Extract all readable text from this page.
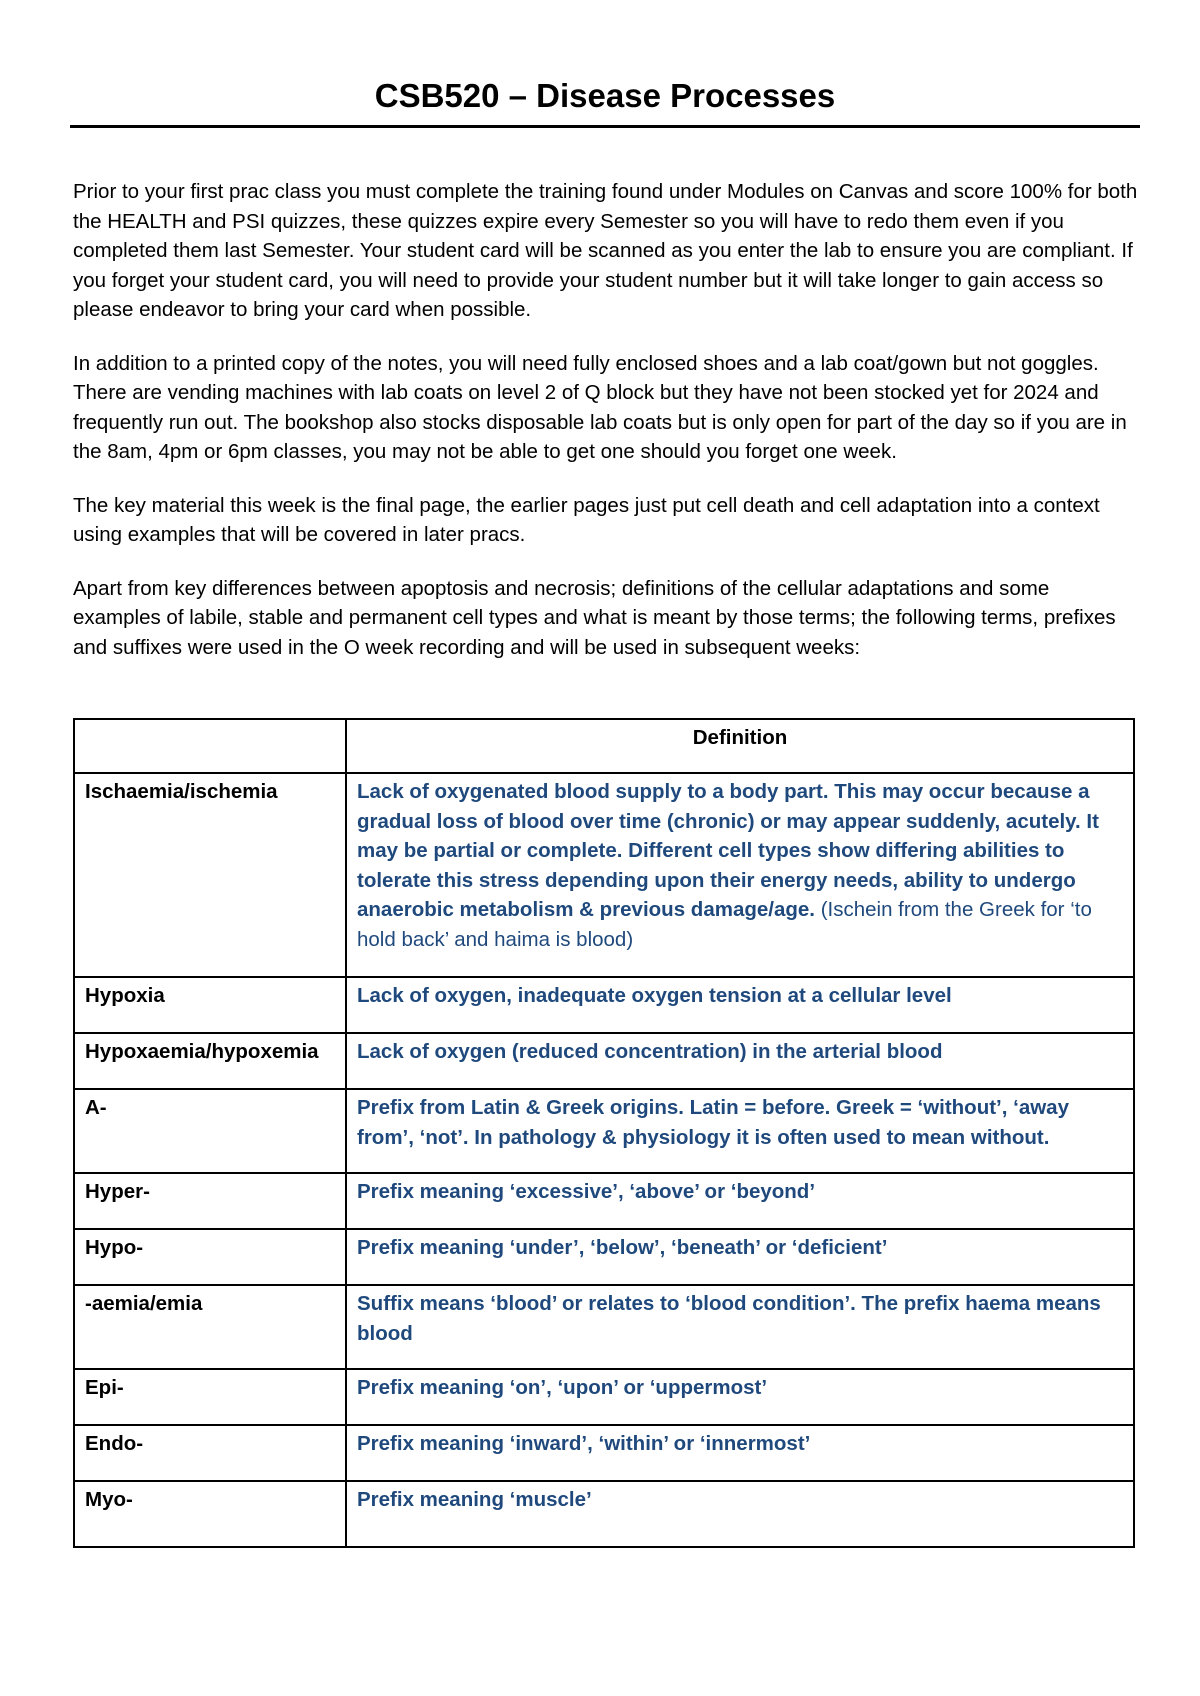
CSB520 – Disease Processes

Prior to your first prac class you must complete the training found under Modules on Canvas and score 100% for both the HEALTH and PSI quizzes, these quizzes expire every Semester so you will have to redo them even if you completed them last Semester. Your student card will be scanned as you enter the lab to ensure you are compliant. If you forget your student card, you will need to provide your student number but it will take longer to gain access so please endeavor to bring your card when possible.

In addition to a printed copy of the notes, you will need fully enclosed shoes and a lab coat/gown but not goggles. There are vending machines with lab coats on level 2 of Q block but they have not been stocked yet for 2024 and frequently run out. The bookshop also stocks disposable lab coats but is only open for part of the day so if you are in the 8am, 4pm or 6pm classes, you may not be able to get one should you forget one week.

The key material this week is the final page, the earlier pages just put cell death and cell adaptation into a context using examples that will be covered in later pracs.

Apart from key differences between apoptosis and necrosis; definitions of the cellular adaptations and some examples of labile, stable and permanent cell types and what is meant by those terms; the following terms, prefixes and suffixes were used in the O week recording and will be used in subsequent weeks:

	Definition
Ischaemia/ischemia	Lack of oxygenated blood supply to a body part. This may occur because a gradual loss of blood over time (chronic) or may appear suddenly, acutely. It may be partial or complete. Different cell types show differing abilities to tolerate this stress depending upon their energy needs, ability to undergo anaerobic metabolism & previous damage/age. (Ischein from the Greek for ‘to hold back’ and haima is blood)
Hypoxia	Lack of oxygen, inadequate oxygen tension at a cellular level
Hypoxaemia/hypoxemia	Lack of oxygen (reduced concentration) in the arterial blood
A-	Prefix from Latin & Greek origins. Latin = before. Greek = ‘without’, ‘away from’, ‘not’. In pathology & physiology it is often used to mean without.
Hyper-	Prefix meaning ‘excessive’, ‘above’ or ‘beyond’
Hypo-	Prefix meaning ‘under’, ‘below’, ‘beneath’ or ‘deficient’
-aemia/emia	Suffix means ‘blood’ or relates to ‘blood condition’. The prefix haema means blood
Epi-	Prefix meaning ‘on’, ‘upon’ or ‘uppermost’
Endo-	Prefix meaning ‘inward’, ‘within’ or ‘innermost’
Myo-	Prefix meaning ‘muscle’
